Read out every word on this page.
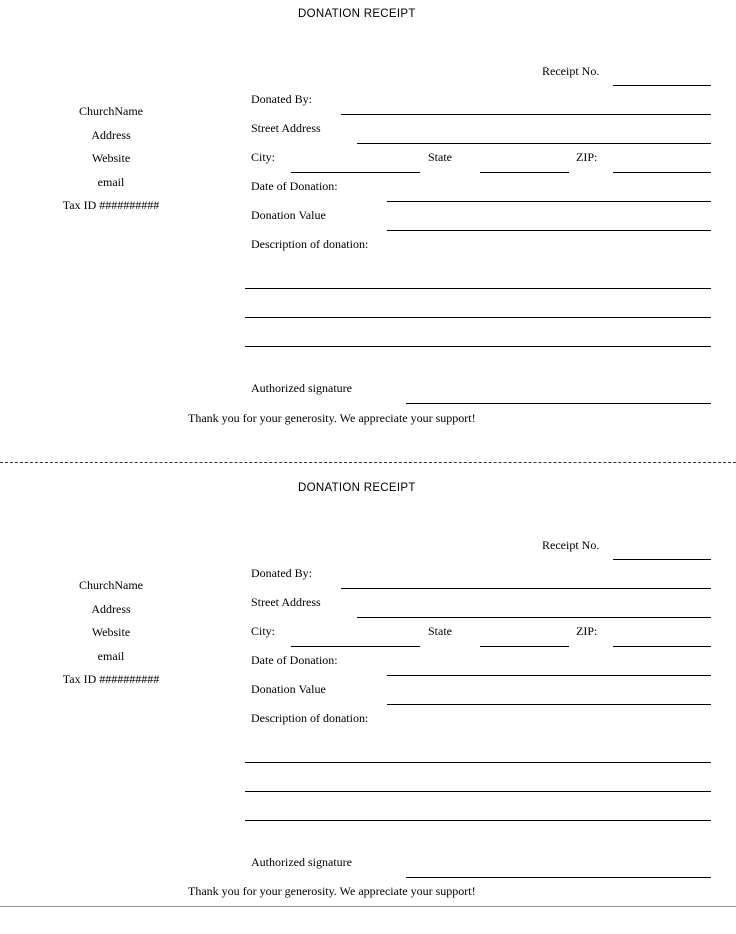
DONATION RECEIPT
ChurchName
Address
Website
email
Tax ID ##########
Receipt No.
Donated By:
Street Address
City:	State	ZIP:
Date of Donation:
Donation Value
Description of donation:
Authorized signature
Thank you for your generosity. We appreciate your support!
DONATION RECEIPT
ChurchName
Address
Website
email
Tax ID ##########
Receipt No.
Donated By:
Street Address
City:	State	ZIP:
Date of Donation:
Donation Value
Description of donation:
Authorized signature
Thank you for your generosity. We appreciate your support!
